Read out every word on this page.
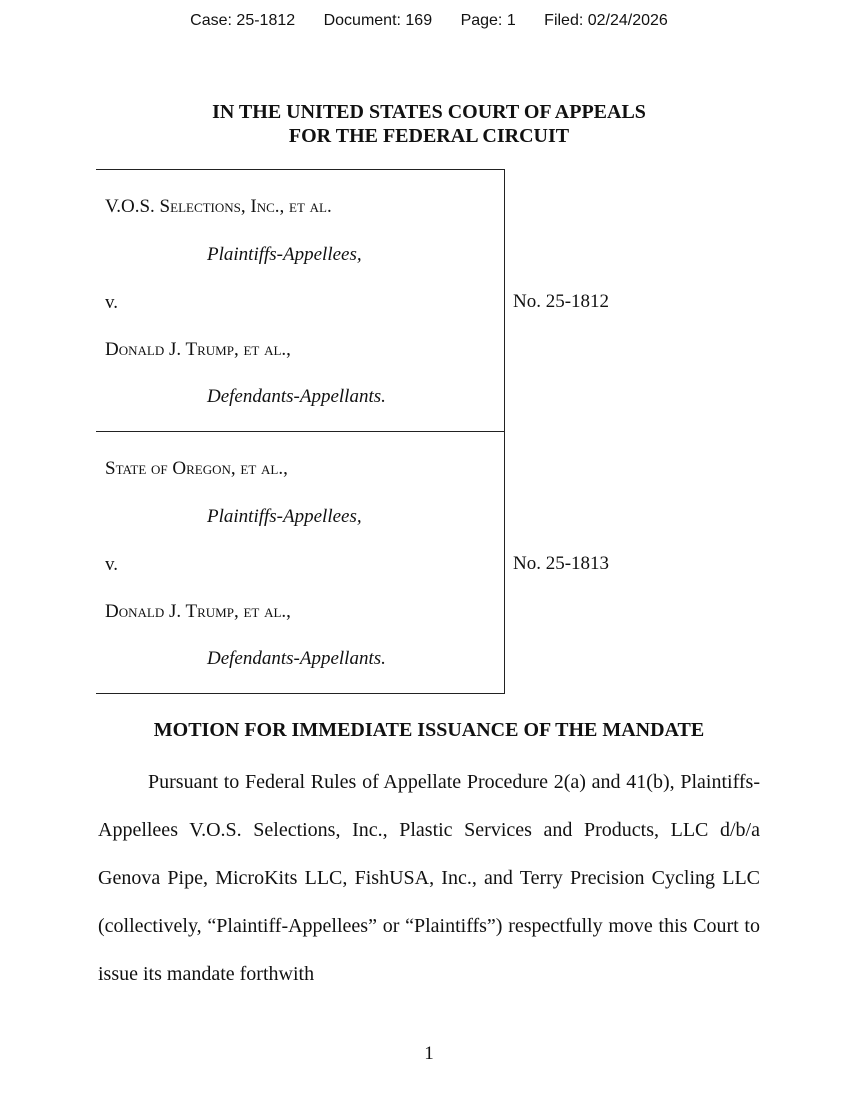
Case: 25-1812 Document: 169 Page: 1 Filed: 02/24/2026
IN THE UNITED STATES COURT OF APPEALS
FOR THE FEDERAL CIRCUIT
V.O.S. Selections, Inc., et al.
Plaintiffs-Appellees,
v.
Donald J. Trump, et al.,
Defendants-Appellants.
State of Oregon, et al.,
Plaintiffs-Appellees,
v.
Donald J. Trump, et al.,
Defendants-Appellants.
No. 25-1812
No. 25-1813
MOTION FOR IMMEDIATE ISSUANCE OF THE MANDATE
Pursuant to Federal Rules of Appellate Procedure 2(a) and 41(b), Plaintiffs-Appellees V.O.S. Selections, Inc., Plastic Services and Products, LLC d/b/a Genova Pipe, MicroKits LLC, FishUSA, Inc., and Terry Precision Cycling LLC (collectively, “Plaintiff-Appellees” or “Plaintiffs”) respectfully move this Court to issue its mandate forthwith
1
